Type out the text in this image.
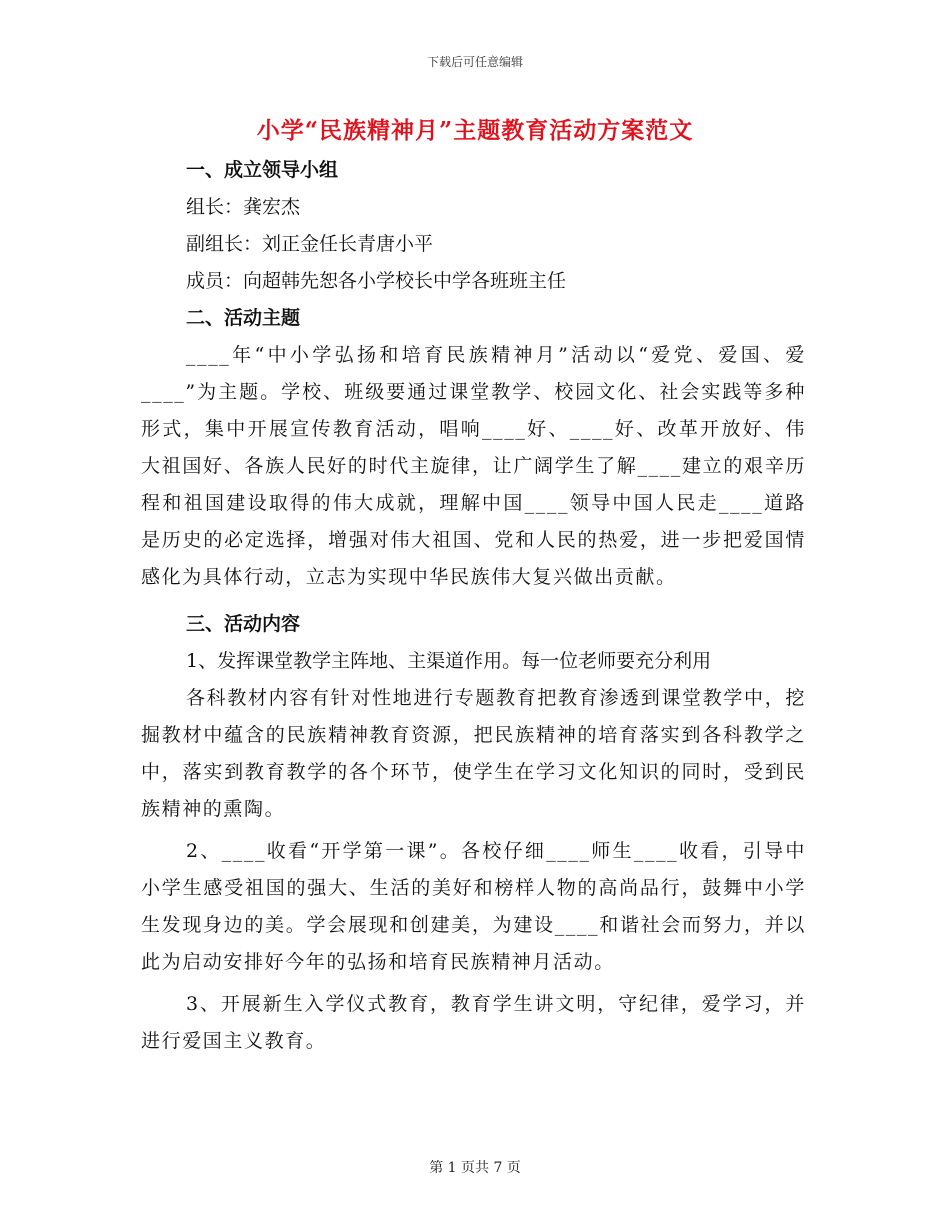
下载后可任意编辑
小学“民族精神月”主题教育活动方案范文

一、成立领导小组

组长：龚宏杰

副组长：刘正金任长青唐小平

成员：向超韩先恕各小学校长中学各班班主任

二、活动主题

____年“中小学弘扬和培育民族精神月”活动以“爱党、爱国、爱____”为主题。学校、班级要通过课堂教学、校园文化、社会实践等多种形式，集中开展宣传教育活动，唱响____好、____好、改革开放好、伟大祖国好、各族人民好的时代主旋律，让广阔学生了解____建立的艰辛历程和祖国建设取得的伟大成就，理解中国____领导中国人民走____道路是历史的必定选择，增强对伟大祖国、党和人民的热爱，进一步把爱国情感化为具体行动，立志为实现中华民族伟大复兴做出贡献。

三、活动内容

1、发挥课堂教学主阵地、主渠道作用。每一位老师要充分利用

各科教材内容有针对性地进行专题教育把教育渗透到课堂教学中，挖掘教材中蕴含的民族精神教育资源，把民族精神的培育落实到各科教学之中，落实到教育教学的各个环节，使学生在学习文化知识的同时，受到民族精神的熏陶。

2、____收看“开学第一课”。各校仔细____师生____收看，引导中小学生感受祖国的强大、生活的美好和榜样人物的高尚品行，鼓舞中小学生发现身边的美。学会展现和创建美，为建设____和谐社会而努力，并以此为启动安排好今年的弘扬和培育民族精神月活动。

3、开展新生入学仪式教育，教育学生讲文明，守纪律，爱学习，并进行爱国主义教育。

第 1 页共 7 页
